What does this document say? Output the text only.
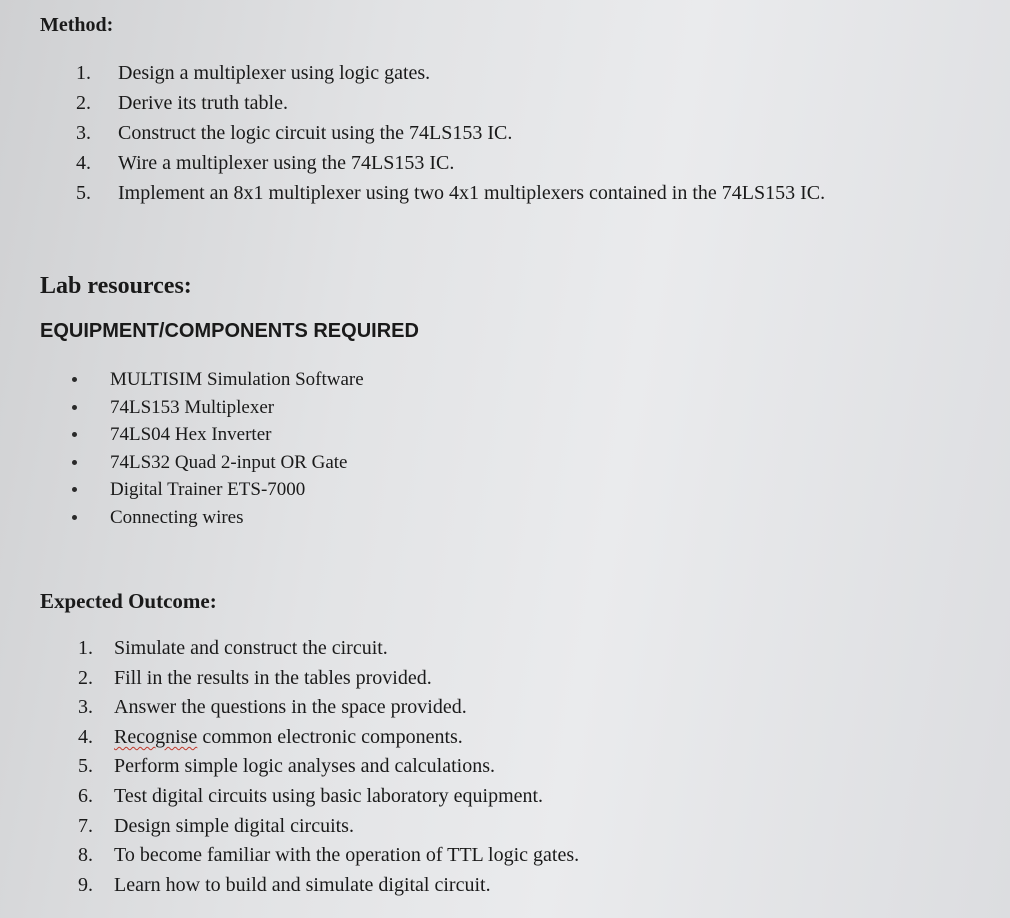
Method:
1.	Design a multiplexer using logic gates.
2.	Derive its truth table.
3.	Construct the logic circuit using the 74LS153 IC.
4.	Wire a multiplexer using the 74LS153 IC.
5.	Implement an 8x1 multiplexer using two 4x1 multiplexers contained in the 74LS153 IC.
Lab resources:
EQUIPMENT/COMPONENTS REQUIRED
MULTISIM Simulation Software
74LS153 Multiplexer
74LS04 Hex Inverter
74LS32 Quad 2-input OR Gate
Digital Trainer ETS-7000
Connecting wires
Expected Outcome:
1.	Simulate and construct the circuit.
2.	Fill in the results in the tables provided.
3.	Answer the questions in the space provided.
4.	Recognise common electronic components.
5.	Perform simple logic analyses and calculations.
6.	Test digital circuits using basic laboratory equipment.
7.	Design simple digital circuits.
8.	To become familiar with the operation of TTL logic gates.
9.	Learn how to build and simulate digital circuit.
